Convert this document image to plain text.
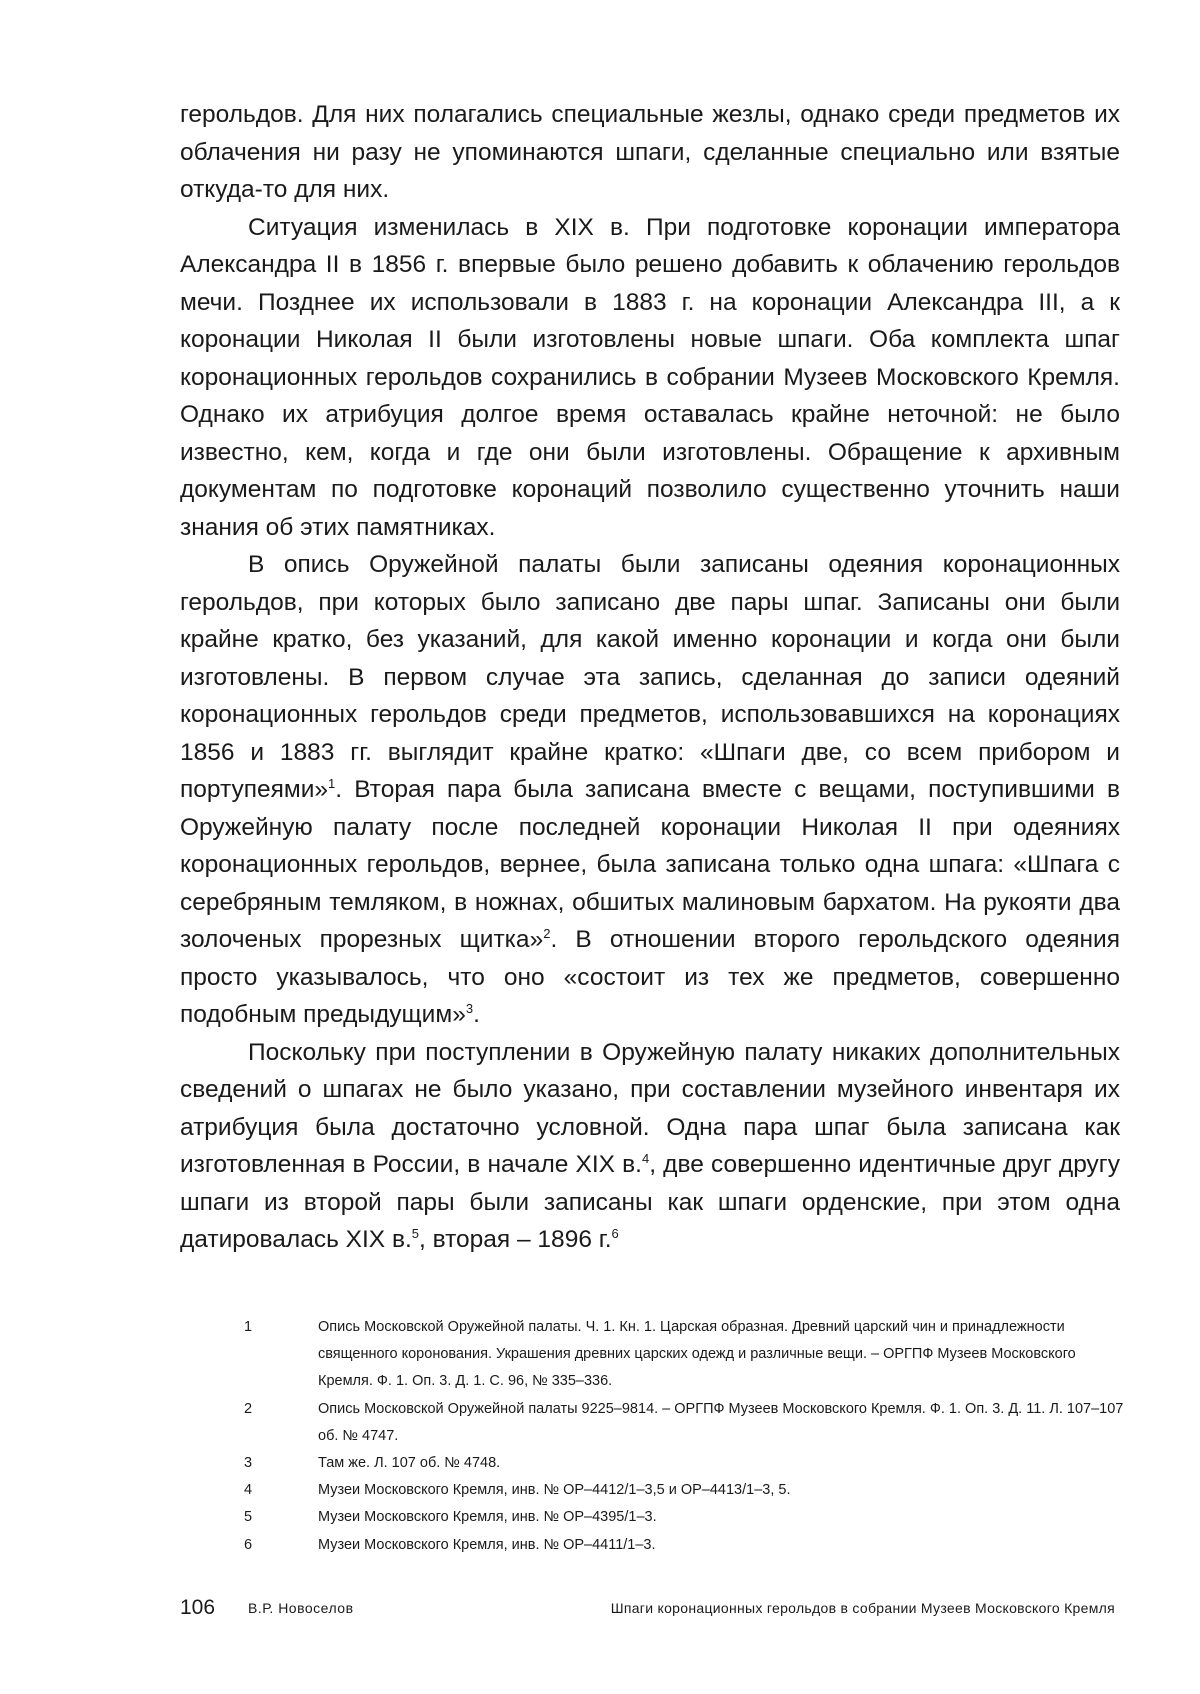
герольдов. Для них полагались специальные жезлы, однако среди предметов их облачения ни разу не упоминаются шпаги, сделанные специально или взятые откуда-то для них.

Ситуация изменилась в XIX в. При подготовке коронации императора Александра II в 1856 г. впервые было решено добавить к облачению герольдов мечи. Позднее их использовали в 1883 г. на коронации Александра III, а к коронации Николая II были изготовлены новые шпаги. Оба комплекта шпаг коронационных герольдов сохранились в собрании Музеев Московского Кремля. Однако их атрибуция долгое время оставалась крайне неточной: не было известно, кем, когда и где они были изготовлены. Обращение к архивным документам по подготовке коронаций позволило существенно уточнить наши знания об этих памятниках.

В опись Оружейной палаты были записаны одеяния коронационных герольдов, при которых было записано две пары шпаг. Записаны они были крайне кратко, без указаний, для какой именно коронации и когда они были изготовлены. В первом случае эта запись, сделанная до записи одеяний коронационных герольдов среди предметов, использовавшихся на коронациях 1856 и 1883 гг. выглядит крайне кратко: «Шпаги две, со всем прибором и портупеями»$^1$. Вторая пара была записана вместе с вещами, поступившими в Оружейную палату после последней коронации Николая II при одеяниях коронационных герольдов, вернее, была записана только одна шпага: «Шпага с серебряным темляком, в ножнах, обшитых малиновым бархатом. На рукояти два золоченых прорезных щитка»$^2$. В отношении второго герольдского одеяния просто указывалось, что оно «состоит из тех же предметов, совершенно подобным предыдущим»$^3$.

Поскольку при поступлении в Оружейную палату никаких дополнительных сведений о шпагах не было указано, при составлении музейного инвентаря их атрибуция была достаточно условной. Одна пара шпаг была записана как изготовленная в России, в начале XIX в.$^4$, две совершенно идентичные друг другу шпаги из второй пары были записаны как шпаги орденские, при этом одна датировалась XIX в.$^5$, вторая – 1896 г.$^6$

1	Опись Московской Оружейной палаты. Ч. 1. Кн. 1. Царская образная. Древний царский чин и принадлежности священного коронования. Украшения древних царских одежд и различные вещи. – ОРГПФ Музеев Московского Кремля. Ф. 1. Оп. 3. Д. 1. С. 96, № 335–336.
2	Опись Московской Оружейной палаты 9225–9814. – ОРГПФ Музеев Московского Кремля. Ф. 1. Оп. 3. Д. 11. Л. 107–107 об. № 4747.
3	Там же. Л. 107 об. № 4748.
4	Музеи Московского Кремля, инв. № ОР–4412/1–3,5 и ОР–4413/1–3, 5.
5	Музеи Московского Кремля, инв. № ОР–4395/1–3.
6	Музеи Московского Кремля, инв. № ОР–4411/1–3.
106 В.Р. Новоселов	Шпаги коронационных герольдов в собрании Музеев Московского Кремля
